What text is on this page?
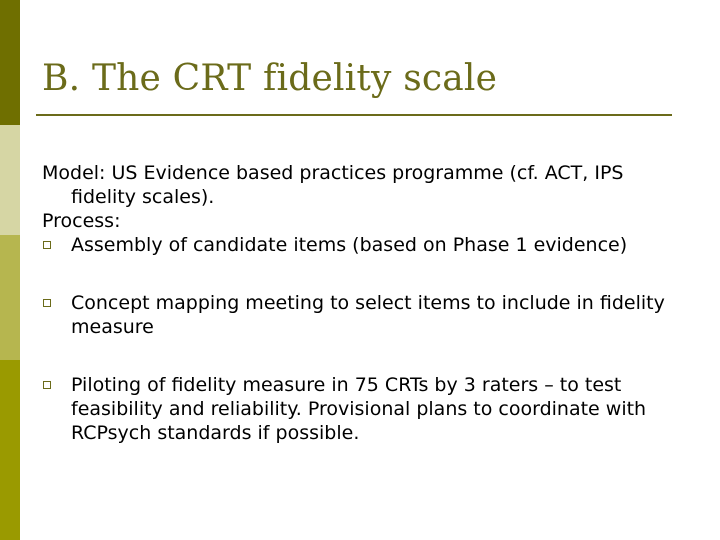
B. The CRT fidelity scale

Model: US Evidence based practices programme (cf. ACT, IPS fidelity scales).

Process:

Assembly of candidate items (based on Phase 1 evidence)
Concept mapping meeting to select items to include in fidelity measure
Piloting of fidelity measure in 75 CRTs by 3 raters – to test feasibility and reliability. Provisional plans to coordinate with RCPsych standards if possible.
